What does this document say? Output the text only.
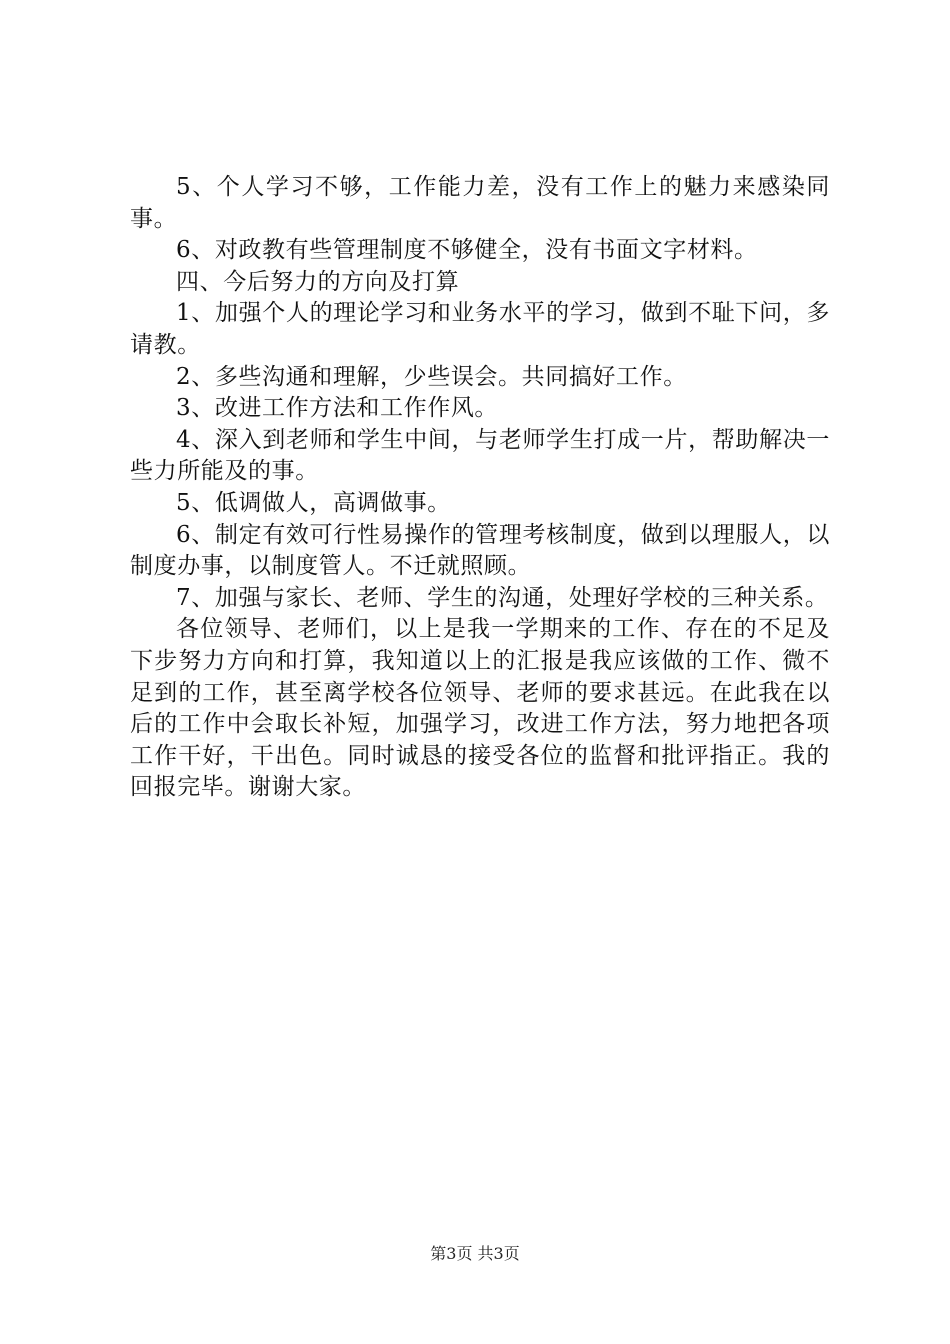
5、个人学习不够，工作能力差，没有工作上的魅力来感染同事。

6、对政教有些管理制度不够健全，没有书面文字材料。

四、今后努力的方向及打算

1、加强个人的理论学习和业务水平的学习，做到不耻下问，多请教。

2、多些沟通和理解，少些误会。共同搞好工作。

3、改进工作方法和工作作风。

4、深入到老师和学生中间，与老师学生打成一片，帮助解决一些力所能及的事。

5、低调做人，高调做事。

6、制定有效可行性易操作的管理考核制度，做到以理服人，以制度办事，以制度管人。不迁就照顾。

7、加强与家长、老师、学生的沟通，处理好学校的三种关系。

各位领导、老师们，以上是我一学期来的工作、存在的不足及下步努力方向和打算，我知道以上的汇报是我应该做的工作、微不足到的工作，甚至离学校各位领导、老师的要求甚远。在此我在以后的工作中会取长补短，加强学习，改进工作方法，努力地把各项工作干好，干出色。同时诚恳的接受各位的监督和批评指正。我的回报完毕。谢谢大家。

第3页 共3页
